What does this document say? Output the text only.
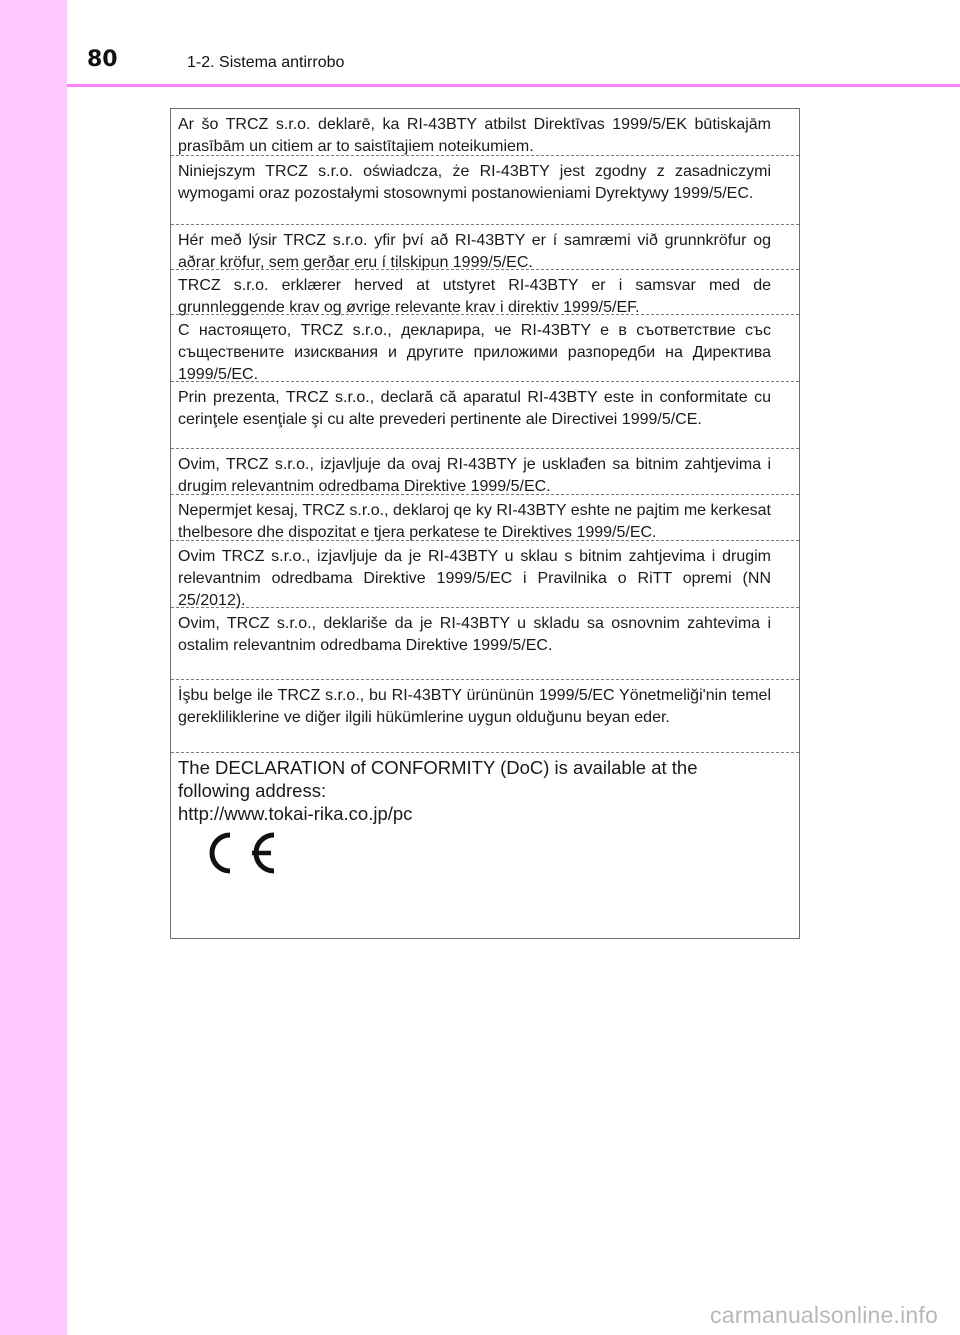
80	1-2. Sistema antirrobo
Ar šo TRCZ s.r.o. deklarē, ka RI-43BTY atbilst Direktīvas 1999/5/EK būtiskajām prasībām un citiem ar to saistītajiem noteikumiem.
Niniejszym TRCZ s.r.o. oświadcza, że RI-43BTY jest zgodny z zasadniczymi wymogami oraz pozostałymi stosownymi postanowieniami Dyrektywy 1999/5/EC.
Hér með lýsir TRCZ s.r.o. yfir því að RI-43BTY er í samræmi við grunnkröfur og aðrar kröfur, sem gerðar eru í tilskipun 1999/5/EC.
TRCZ s.r.o. erklærer herved at utstyret RI-43BTY er i samsvar med de grunnleggende krav og øvrige relevante krav i direktiv 1999/5/EF.
С настоящето, TRCZ s.r.o., декларира, че RI-43BTY е в съответствие със съществените изисквания и другите приложими разпоредби на Директива 1999/5/ЕС.
Prin prezenta, TRCZ s.r.o., declară că aparatul RI-43BTY este in conformitate cu cerinţele esenţiale şi cu alte prevederi pertinente ale Directivei 1999/5/CE.
Ovim, TRCZ s.r.o., izjavljuje da ovaj RI-43BTY je usklađen sa bitnim zahtjevima i drugim relevantnim odredbama Direktive 1999/5/EC.
Nepermjet kesaj, TRCZ s.r.o., deklaroj qe ky RI-43BTY eshte ne pajtim me kerkesat thelbesore dhe dispozitat e tjera perkatese te Direktives 1999/5/EC.
Ovim TRCZ s.r.o., izjavljuje da je RI-43BTY u sklau s bitnim zahtjevima i drugim relevantnim odredbama Direktive 1999/5/EC i Pravilnika o RiTT opremi (NN 25/2012).
Ovim, TRCZ s.r.o., deklariše da je RI-43BTY u skladu sa osnovnim zahtevima i ostalim relevantnim odredbama Direktive 1999/5/EC.
İşbu belge ile TRCZ s.r.o., bu RI-43BTY ürününün 1999/5/EC Yönetmeliği'nin temel gerekliliklerine ve diğer ilgili hükümlerine uygun olduğunu beyan eder.
The DECLARATION of CONFORMITY (DoC) is available at the
following address:
http://www.tokai-rika.co.jp/pc
carmanualsonline.info
